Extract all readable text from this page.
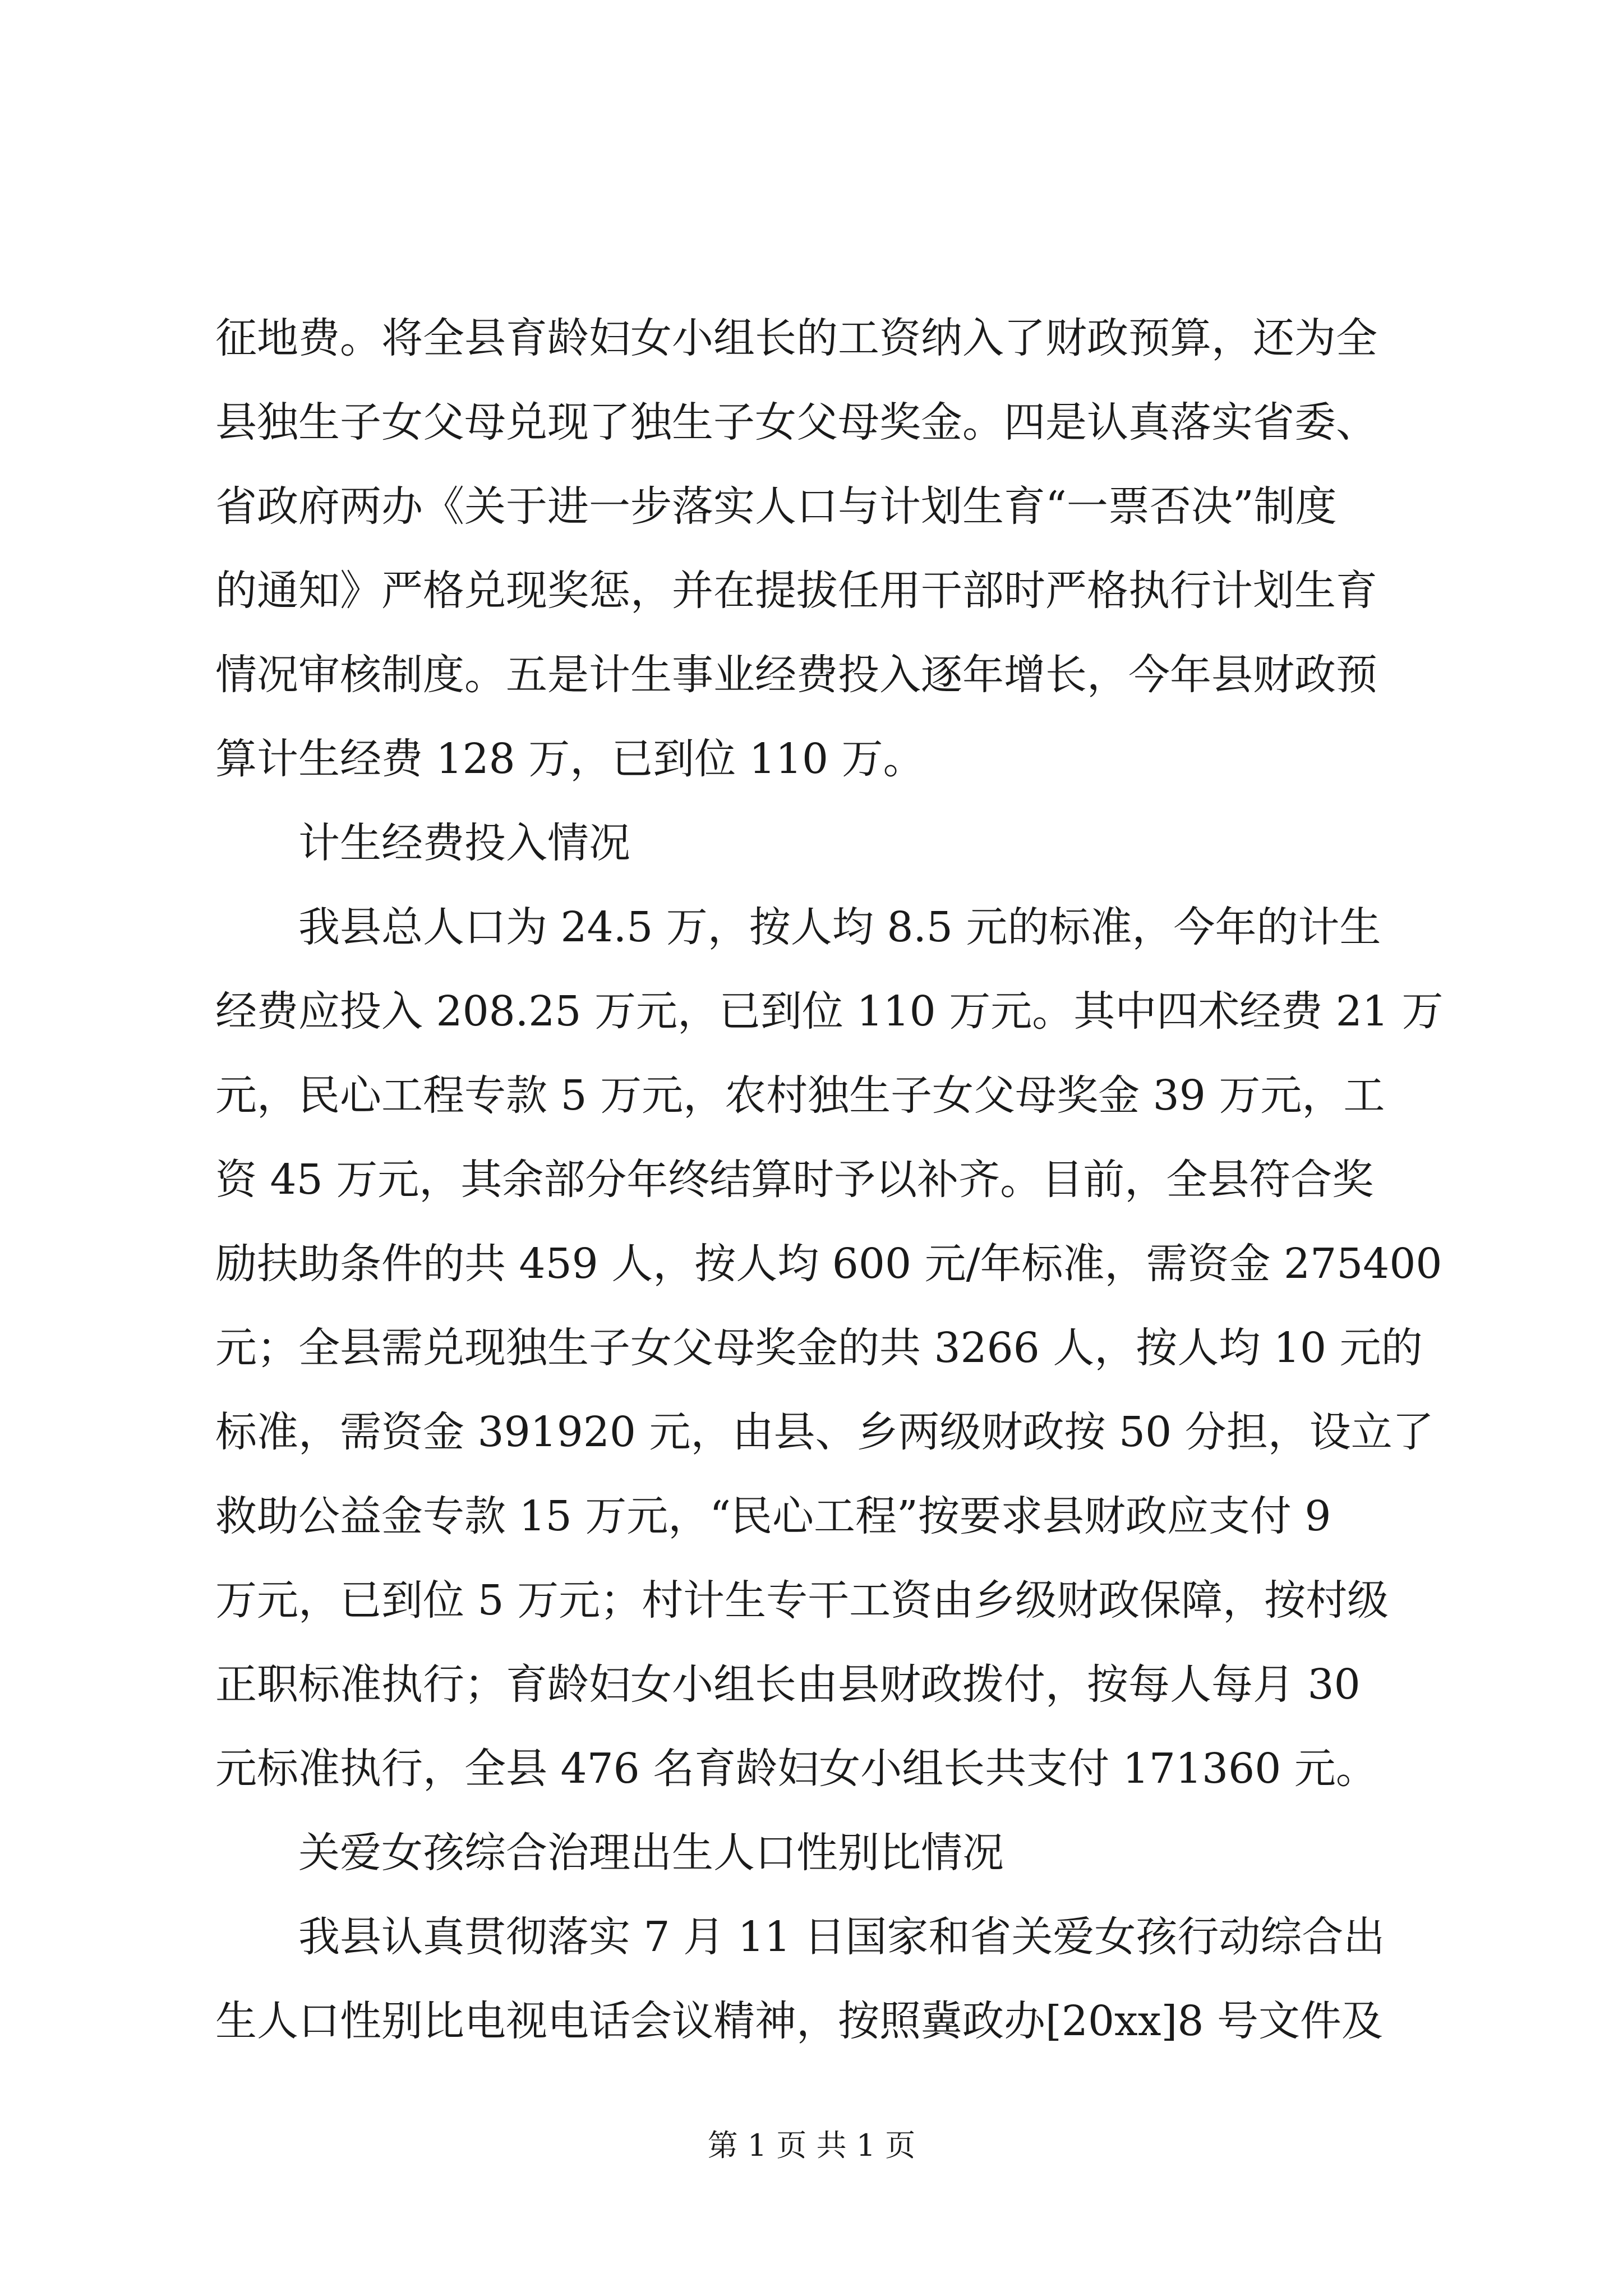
征地费。将全县育龄妇女小组长的工资纳入了财政预算，还为全
县独生子女父母兑现了独生子女父母奖金。四是认真落实省委、
省政府两办《关于进一步落实人口与计划生育“一票否决”制度
的通知》严格兑现奖惩，并在提拔任用干部时严格执行计划生育
情况审核制度。五是计生事业经费投入逐年增长，今年县财政预
算计生经费 128 万，已到位 110 万。
　　计生经费投入情况
　　我县总人口为 24.5 万，按人均 8.5 元的标准，今年的计生
经费应投入 208.25 万元，已到位 110 万元。其中四术经费 21 万
元，民心工程专款 5 万元，农村独生子女父母奖金 39 万元，工
资 45 万元，其余部分年终结算时予以补齐。目前，全县符合奖
励扶助条件的共 459 人，按人均 600 元/年标准，需资金 275400
元；全县需兑现独生子女父母奖金的共 3266 人，按人均 10 元的
标准，需资金 391920 元，由县、乡两级财政按 50 分担，设立了
救助公益金专款 15 万元，“民心工程”按要求县财政应支付 9
万元，已到位 5 万元；村计生专干工资由乡级财政保障，按村级
正职标准执行；育龄妇女小组长由县财政拨付，按每人每月 30
元标准执行，全县 476 名育龄妇女小组长共支付 171360 元。
　　关爱女孩综合治理出生人口性别比情况
　　我县认真贯彻落实 7 月 11 日国家和省关爱女孩行动综合出
生人口性别比电视电话会议精神，按照冀政办[20xx]8 号文件及
第 1 页 共 1 页
